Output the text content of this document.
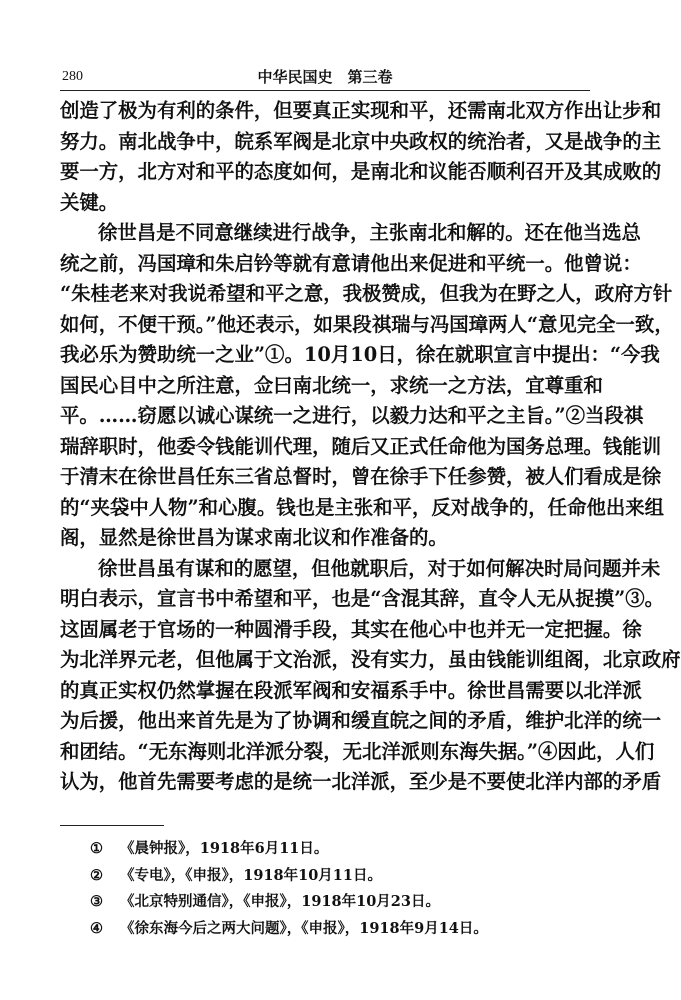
280	中华民国史　第三卷
创造了极为有利的条件，但要真正实现和平，还需南北双方作出让步和
努力。南北战争中，皖系军阀是北京中央政权的统治者，又是战争的主
要一方，北方对和平的态度如何，是南北和议能否顺利召开及其成败的
关键。
徐世昌是不同意继续进行战争，主张南北和解的。还在他当选总
统之前，冯国璋和朱启钤等就有意请他出来促进和平统一。他曾说：
“朱桂老来对我说希望和平之意，我极赞成，但我为在野之人，政府方针
如何，不便干预。”他还表示，如果段祺瑞与冯国璋两人“意见完全一致，
我必乐为赞助统一之业”①。10月10日，徐在就职宣言中提出：“今我
国民心目中之所注意，佥曰南北统一，求统一之方法，宜尊重和
平。……窃愿以诚心谋统一之进行，以毅力达和平之主旨。”②当段祺
瑞辞职时，他委令钱能训代理，随后又正式任命他为国务总理。钱能训
于清末在徐世昌任东三省总督时，曾在徐手下任参赞，被人们看成是徐
的“夹袋中人物”和心腹。钱也是主张和平，反对战争的，任命他出来组
阁，显然是徐世昌为谋求南北议和作准备的。
徐世昌虽有谋和的愿望，但他就职后，对于如何解决时局问题并未
明白表示，宣言书中希望和平，也是“含混其辞，直令人无从捉摸”③。
这固属老于官场的一种圆滑手段，其实在他心中也并无一定把握。徐
为北洋界元老，但他属于文治派，没有实力，虽由钱能训组阁，北京政府
的真正实权仍然掌握在段派军阀和安福系手中。徐世昌需要以北洋派
为后援，他出来首先是为了协调和缓直皖之间的矛盾，维护北洋的统一
和团结。“无东海则北洋派分裂，无北洋派则东海失据。”④因此，人们
认为，他首先需要考虑的是统一北洋派，至少是不要使北洋内部的矛盾
① 《晨钟报》，1918年6月11日。
② 《专电》，《申报》，1918年10月11日。
③ 《北京特别通信》，《申报》，1918年10月23日。
④ 《徐东海今后之两大问题》，《申报》，1918年9月14日。
